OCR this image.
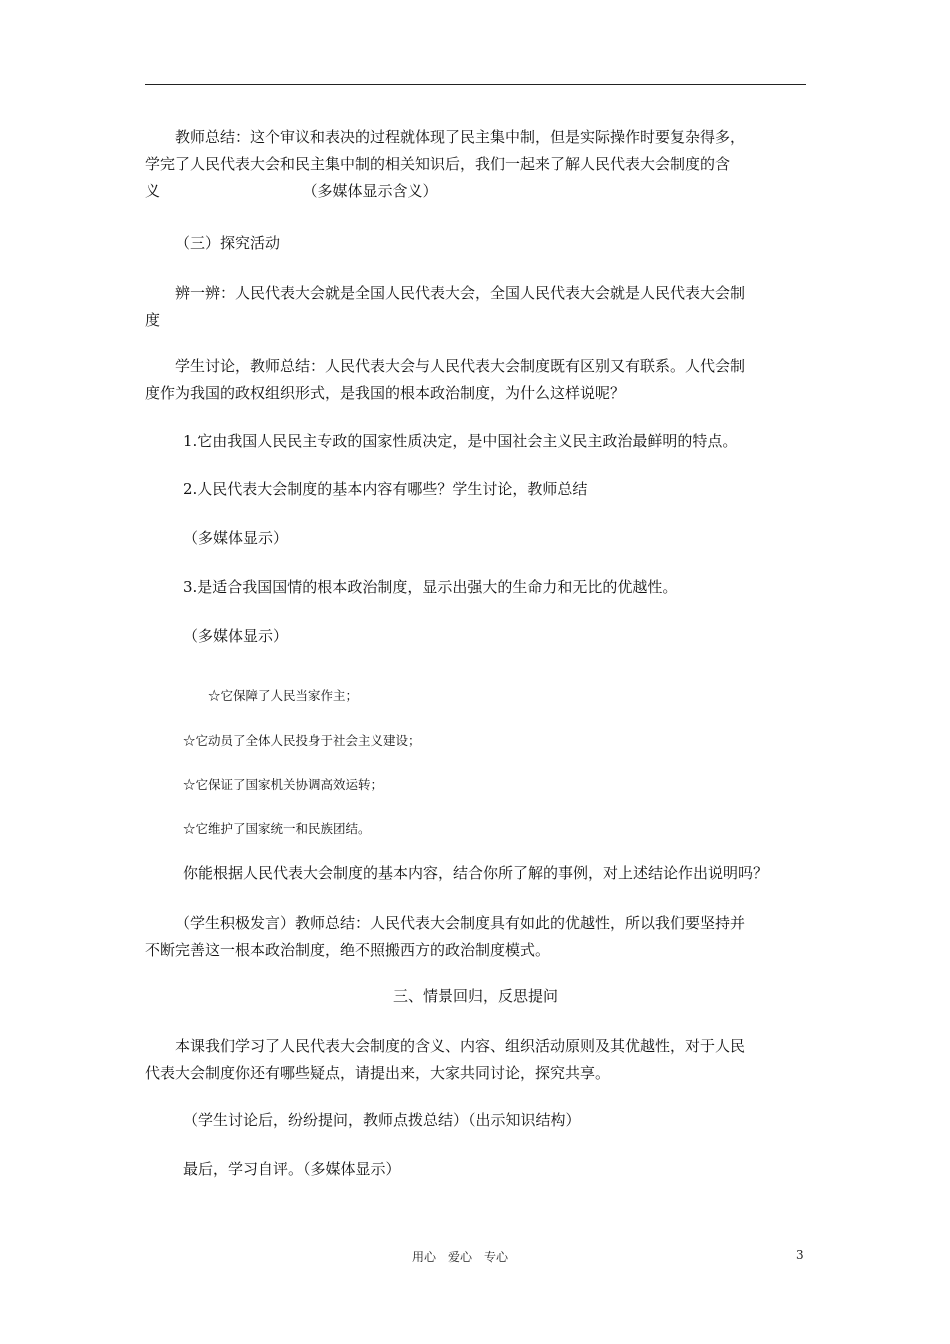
教师总结：这个审议和表决的过程就体现了民主集中制，但是实际操作时要复杂得多，
学完了人民代表大会和民主集中制的相关知识后，我们一起来了解人民代表大会制度的含
义　　　　　　　　　　（多媒体显示含义）
（三）探究活动
辨一辨：人民代表大会就是全国人民代表大会，全国人民代表大会就是人民代表大会制
度
学生讨论，教师总结：人民代表大会与人民代表大会制度既有区别又有联系。人代会制
度作为我国的政权组织形式，是我国的根本政治制度，为什么这样说呢？
1.它由我国人民民主专政的国家性质决定，是中国社会主义民主政治最鲜明的特点。
2.人民代表大会制度的基本内容有哪些？学生讨论，教师总结
（多媒体显示）
3.是适合我国国情的根本政治制度，显示出强大的生命力和无比的优越性。
（多媒体显示）
☆它保障了人民当家作主；
☆它动员了全体人民投身于社会主义建设；
☆它保证了国家机关协调高效运转；
☆它维护了国家统一和民族团结。
你能根据人民代表大会制度的基本内容，结合你所了解的事例，对上述结论作出说明吗？
（学生积极发言）教师总结：人民代表大会制度具有如此的优越性，所以我们要坚持并
不断完善这一根本政治制度，绝不照搬西方的政治制度模式。
三、情景回归，反思提问
本课我们学习了人民代表大会制度的含义、内容、组织活动原则及其优越性，对于人民
代表大会制度你还有哪些疑点，请提出来，大家共同讨论，探究共享。
（学生讨论后，纷纷提问，教师点拨总结）（出示知识结构）
最后，学习自评。（多媒体显示）
用心　爱心　专心	3
